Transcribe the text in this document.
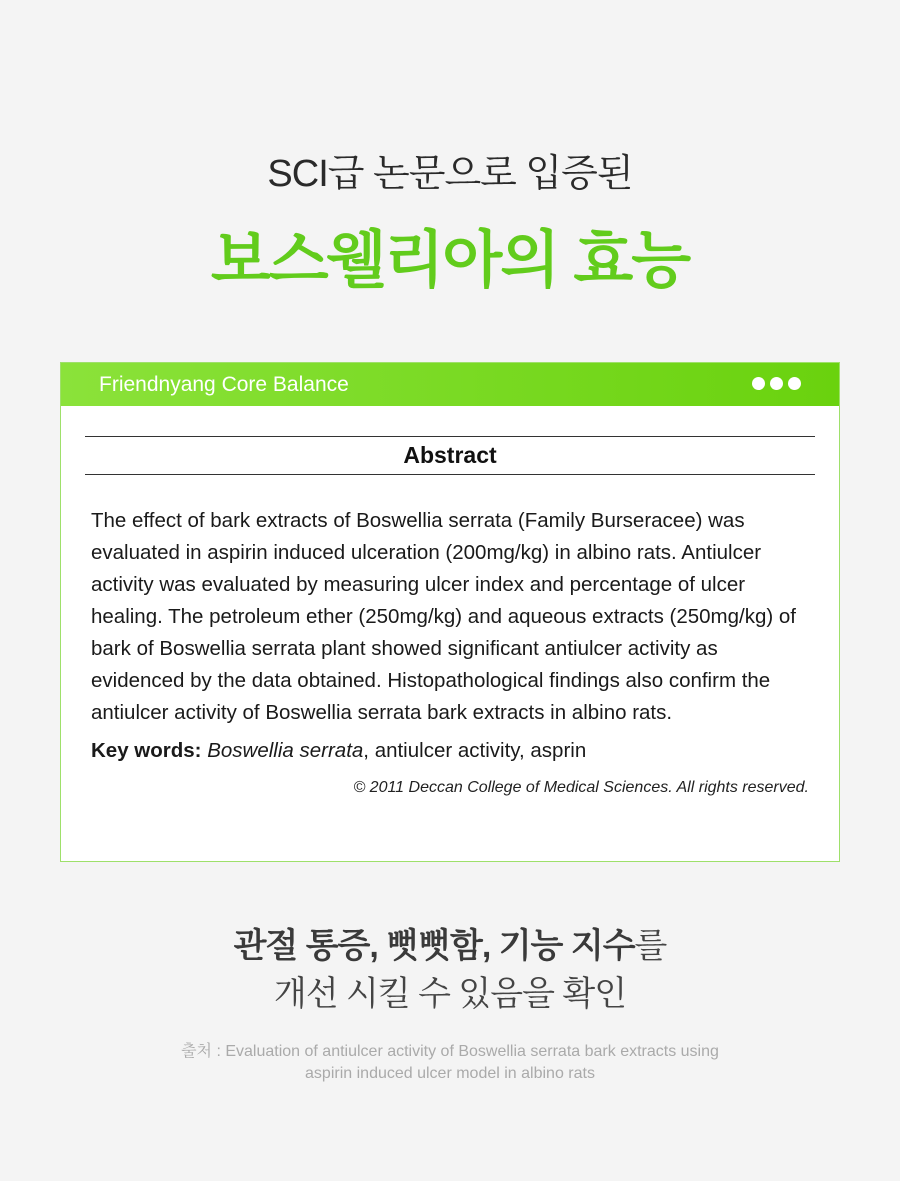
SCI급 논문으로 입증된
보스웰리아의 효능
Friendnyang Core Balance
Abstract
The effect of bark extracts of Boswellia serrata (Family Burseracee) was evaluated in aspirin induced ulceration (200mg/kg) in albino rats. Antiulcer activity was evaluated by measuring ulcer index and percentage of ulcer healing. The petroleum ether (250mg/kg) and aqueous extracts (250mg/kg) of bark of Boswellia serrata plant showed significant antiulcer activity as evidenced by the data obtained. Histopathological findings also confirm the antiulcer activity of Boswellia serrata bark extracts in albino rats.
Key words: Boswellia serrata, antiulcer activity, asprin
© 2011 Deccan College of Medical Sciences. All rights reserved.
관절 통증, 뻣뻣함, 기능 지수를
개선 시킬 수 있음을 확인
출처 : Evaluation of antiulcer activity of Boswellia serrata bark extracts using
aspirin induced ulcer model in albino rats
